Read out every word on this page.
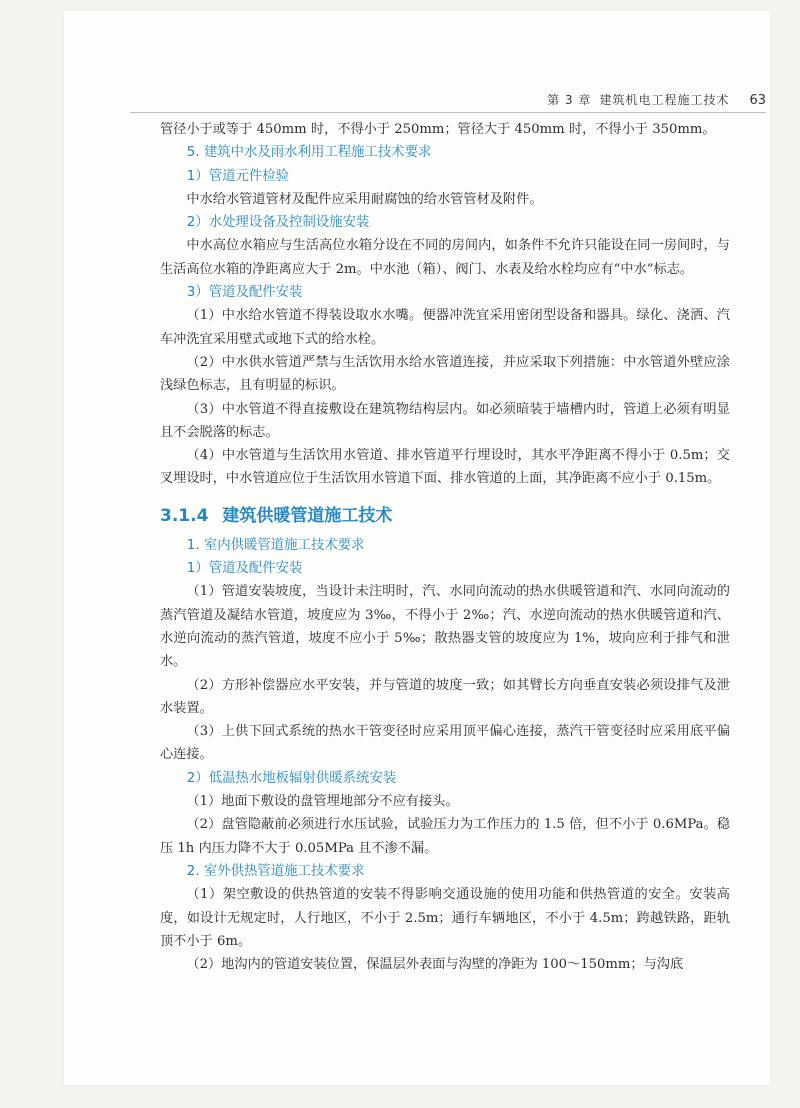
第 3 章 建筑机电工程施工技术 63

管径小于或等于 450mm 时，不得小于 250mm；管径大于 450mm 时，不得小于 350mm。

5. 建筑中水及雨水利用工程施工技术要求

1）管道元件检验

中水给水管道管材及配件应采用耐腐蚀的给水管管材及附件。

2）水处理设备及控制设施安装

中水高位水箱应与生活高位水箱分设在不同的房间内，如条件不允许只能设在同一房间时，与生活高位水箱的净距离应大于 2m。中水池（箱）、阀门、水表及给水栓均应有“中水”标志。

3）管道及配件安装

（1）中水给水管道不得装设取水水嘴。便器冲洗宜采用密闭型设备和器具。绿化、浇洒、汽车冲洗宜采用壁式或地下式的给水栓。

（2）中水供水管道严禁与生活饮用水给水管道连接，并应采取下列措施：中水管道外壁应涂浅绿色标志，且有明显的标识。

（3）中水管道不得直接敷设在建筑物结构层内。如必须暗装于墙槽内时，管道上必须有明显且不会脱落的标志。

（4）中水管道与生活饮用水管道、排水管道平行埋设时，其水平净距离不得小于 0.5m；交叉埋设时，中水管道应位于生活饮用水管道下面、排水管道的上面，其净距离不应小于 0.15m。

3.1.4 建筑供暖管道施工技术

1. 室内供暖管道施工技术要求

1）管道及配件安装

（1）管道安装坡度，当设计未注明时，汽、水同向流动的热水供暖管道和汽、水同向流动的蒸汽管道及凝结水管道，坡度应为 3‰，不得小于 2‰；汽、水逆向流动的热水供暖管道和汽、水逆向流动的蒸汽管道，坡度不应小于 5‰；散热器支管的坡度应为 1%，坡向应利于排气和泄水。

（2）方形补偿器应水平安装，并与管道的坡度一致；如其臂长方向垂直安装必须设排气及泄水装置。

（3）上供下回式系统的热水干管变径时应采用顶平偏心连接，蒸汽干管变径时应采用底平偏心连接。

2）低温热水地板辐射供暖系统安装

（1）地面下敷设的盘管埋地部分不应有接头。

（2）盘管隐蔽前必须进行水压试验，试验压力为工作压力的 1.5 倍，但不小于 0.6MPa。稳压 1h 内压力降不大于 0.05MPa 且不渗不漏。

2. 室外供热管道施工技术要求

（1）架空敷设的供热管道的安装不得影响交通设施的使用功能和供热管道的安全。安装高度，如设计无规定时，人行地区，不小于 2.5m；通行车辆地区，不小于 4.5m；跨越铁路，距轨顶不小于 6m。

（2）地沟内的管道安装位置，保温层外表面与沟壁的净距为 100～150mm；与沟底
